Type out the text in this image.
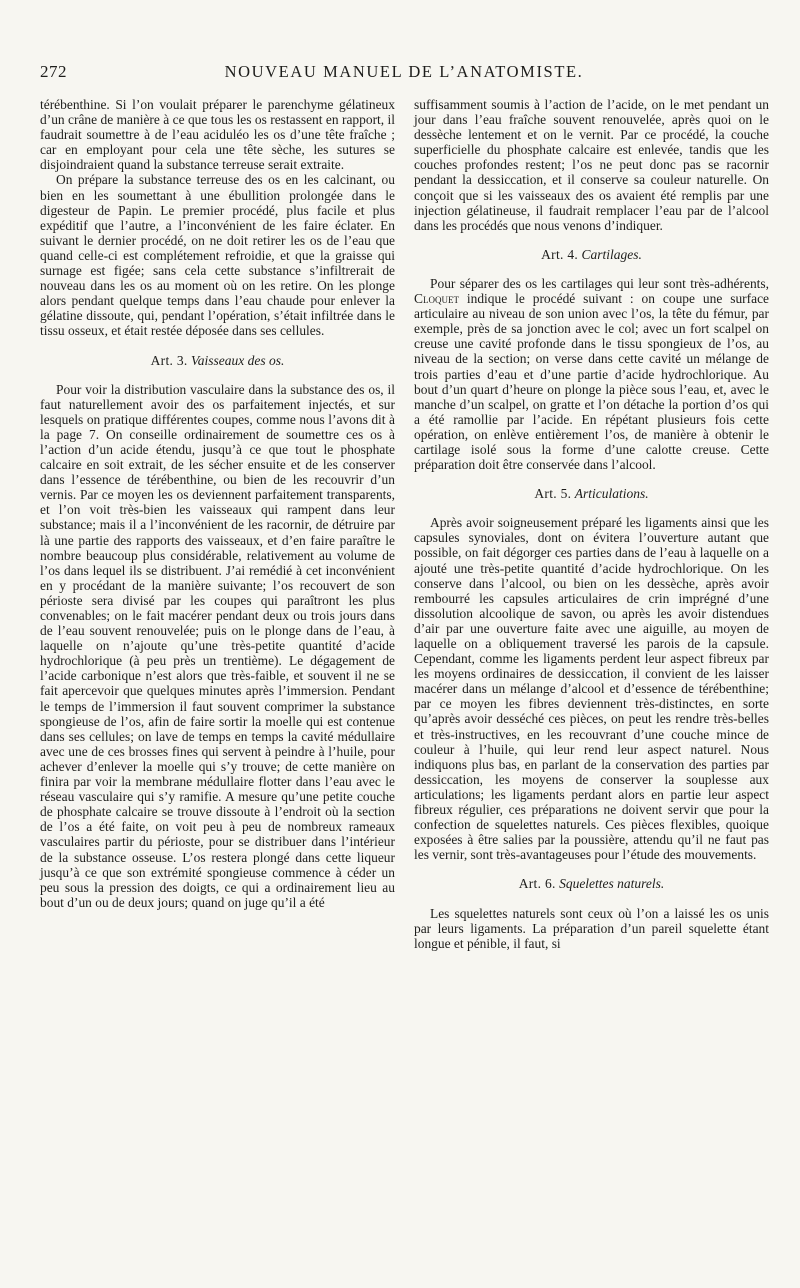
272	NOUVEAU MANUEL DE L’ANATOMISTE.

térébenthine. Si l’on voulait préparer le parenchyme gélatineux d’un crâne de manière à ce que tous les os restassent en rapport, il faudrait soumettre à de l’eau aciduléo les os d’une tête fraîche ; car en employant pour cela une tête sèche, les sutures se disjoindraient quand la substance terreuse serait extraite.

On prépare la substance terreuse des os en les calcinant, ou bien en les soumettant à une ébullition prolongée dans le digesteur de Papin. Le premier procédé, plus facile et plus expéditif que l’autre, a l’inconvénient de les faire éclater. En suivant le dernier procédé, on ne doit retirer les os de l’eau que quand celle-ci est complétement refroidie, et que la graisse qui surnage est figée; sans cela cette substance s’infiltrerait de nouveau dans les os au moment où on les retire. On les plonge alors pendant quelque temps dans l’eau chaude pour enlever la gélatine dissoute, qui, pendant l’opération, s’était infiltrée dans le tissu osseux, et était restée déposée dans ses cellules.

Art. 3. Vaisseaux des os.

Pour voir la distribution vasculaire dans la substance des os, il faut naturellement avoir des os parfaitement injectés, et sur lesquels on pratique différentes coupes, comme nous l’avons dit à la page 7. On conseille ordinairement de soumettre ces os à l’action d’un acide étendu, jusqu’à ce que tout le phosphate calcaire en soit extrait, de les sécher ensuite et de les conserver dans l’essence de térébenthine, ou bien de les recouvrir d’un vernis. Par ce moyen les os deviennent parfaitement transparents, et l’on voit très-bien les vaisseaux qui rampent dans leur substance; mais il a l’inconvénient de les racornir, de détruire par là une partie des rapports des vaisseaux, et d’en faire paraître le nombre beaucoup plus considérable, relativement au volume de l’os dans lequel ils se distribuent. J’ai remédié à cet inconvénient en y procédant de la manière suivante; l’os recouvert de son périoste sera divisé par les coupes qui paraîtront les plus convenables; on le fait macérer pendant deux ou trois jours dans de l’eau souvent renouvelée; puis on le plonge dans de l’eau, à laquelle on n’ajoute qu’une très-petite quantité d’acide hydrochlorique (à peu près un trentième). Le dégagement de l’acide carbonique n’est alors que très-faible, et souvent il ne se fait apercevoir que quelques minutes après l’immersion. Pendant le temps de l’immersion il faut souvent comprimer la substance spongieuse de l’os, afin de faire sortir la moelle qui est contenue dans ses cellules; on lave de temps en temps la cavité médullaire avec une de ces brosses fines qui servent à peindre à l’huile, pour achever d’enlever la moelle qui s’y trouve; de cette manière on finira par voir la membrane médullaire flotter dans l’eau avec le réseau vasculaire qui s’y ramifie. A mesure qu’une petite couche de phosphate calcaire se trouve dissoute à l’endroit où la section de l’os a été faite, on voit peu à peu de nombreux rameaux vasculaires partir du périoste, pour se distribuer dans l’intérieur de la substance osseuse. L’os restera plongé dans cette liqueur jusqu’à ce que son extrémité spongieuse commence à céder un peu sous la pression des doigts, ce qui a ordinairement lieu au bout d’un ou de deux jours; quand on juge qu’il a été

suffisamment soumis à l’action de l’acide, on le met pendant un jour dans l’eau fraîche souvent renouvelée, après quoi on le dessèche lentement et on le vernit. Par ce procédé, la couche superficielle du phosphate calcaire est enlevée, tandis que les couches profondes restent; l’os ne peut donc pas se racornir pendant la dessiccation, et il conserve sa couleur naturelle. On conçoit que si les vaisseaux des os avaient été remplis par une injection gélatineuse, il faudrait remplacer l’eau par de l’alcool dans les procédés que nous venons d’indiquer.

Art. 4. Cartilages.

Pour séparer des os les cartilages qui leur sont très-adhérents, Cloquet indique le procédé suivant : on coupe une surface articulaire au niveau de son union avec l’os, la tête du fémur, par exemple, près de sa jonction avec le col; avec un fort scalpel on creuse une cavité profonde dans le tissu spongieux de l’os, au niveau de la section; on verse dans cette cavité un mélange de trois parties d’eau et d’une partie d’acide hydrochlorique. Au bout d’un quart d’heure on plonge la pièce sous l’eau, et, avec le manche d’un scalpel, on gratte et l’on détache la portion d’os qui a été ramollie par l’acide. En répétant plusieurs fois cette opération, on enlève entièrement l’os, de manière à obtenir le cartilage isolé sous la forme d’une calotte creuse. Cette préparation doit être conservée dans l’alcool.

Art. 5. Articulations.

Après avoir soigneusement préparé les ligaments ainsi que les capsules synoviales, dont on évitera l’ouverture autant que possible, on fait dégorger ces parties dans de l’eau à laquelle on a ajouté une très-petite quantité d’acide hydrochlorique. On les conserve dans l’alcool, ou bien on les dessèche, après avoir rembourré les capsules articulaires de crin imprégné d’une dissolution alcoolique de savon, ou après les avoir distendues d’air par une ouverture faite avec une aiguille, au moyen de laquelle on a obliquement traversé les parois de la capsule. Cependant, comme les ligaments perdent leur aspect fibreux par les moyens ordinaires de dessiccation, il convient de les laisser macérer dans un mélange d’alcool et d’essence de térébenthine; par ce moyen les fibres deviennent très-distinctes, en sorte qu’après avoir desséché ces pièces, on peut les rendre très-belles et très-instructives, en les recouvrant d’une couche mince de couleur à l’huile, qui leur rend leur aspect naturel. Nous indiquons plus bas, en parlant de la conservation des parties par dessiccation, les moyens de conserver la souplesse aux articulations; les ligaments perdant alors en partie leur aspect fibreux régulier, ces préparations ne doivent servir que pour la confection de squelettes naturels. Ces pièces flexibles, quoique exposées à être salies par la poussière, attendu qu’il ne faut pas les vernir, sont très-avantageuses pour l’étude des mouvements.

Art. 6. Squelettes naturels.

Les squelettes naturels sont ceux où l’on a laissé les os unis par leurs ligaments. La préparation d’un pareil squelette étant longue et pénible, il faut, si
